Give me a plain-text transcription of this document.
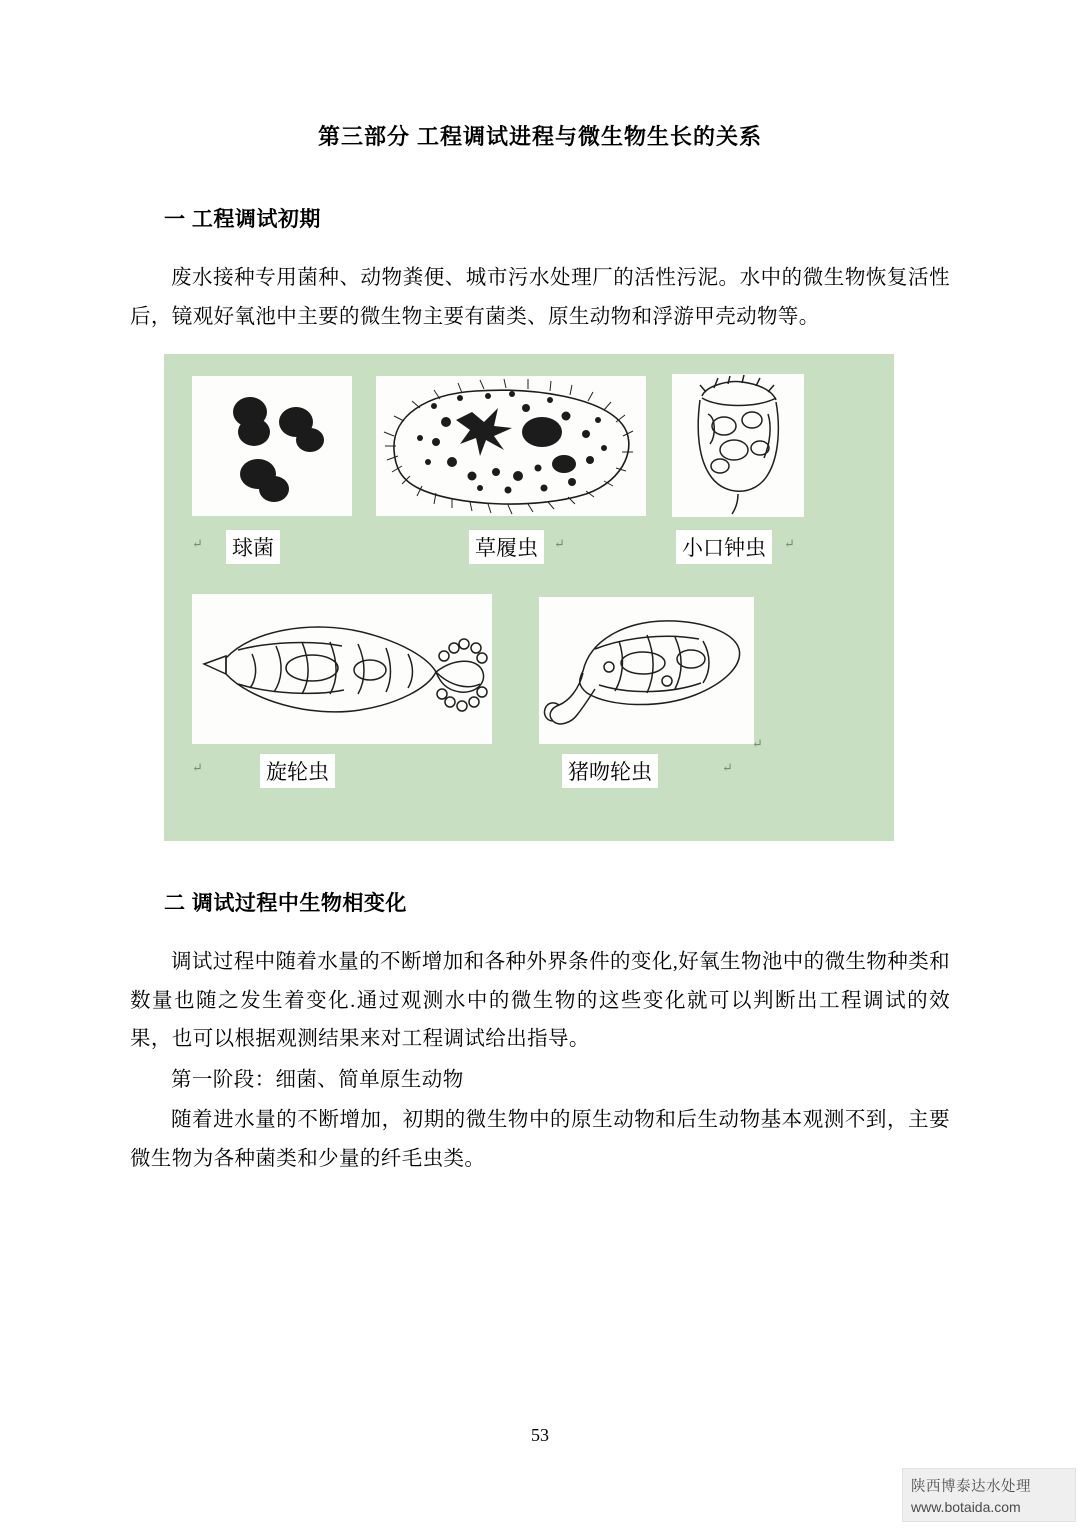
第三部分 工程调试进程与微生物生长的关系
一 工程调试初期

废水接种专用菌种、动物粪便、城市污水处理厂的活性污泥。水中的微生物恢复活性后，镜观好氧池中主要的微生物主要有菌类、原生动物和浮游甲壳动物等。

球菌	草履虫	小口钟虫
旋轮虫	猪吻轮虫
↵	↵	↵
↵
↵
↵
二 调试过程中生物相变化

调试过程中随着水量的不断增加和各种外界条件的变化,好氧生物池中的微生物种类和数量也随之发生着变化.通过观测水中的微生物的这些变化就可以判断出工程调试的效果，也可以根据观测结果来对工程调试给出指导。

第一阶段：细菌、简单原生动物

随着进水量的不断增加，初期的微生物中的原生动物和后生动物基本观测不到，主要微生物为各种菌类和少量的纤毛虫类。

53
陕西博泰达水处理
www.botaida.com
